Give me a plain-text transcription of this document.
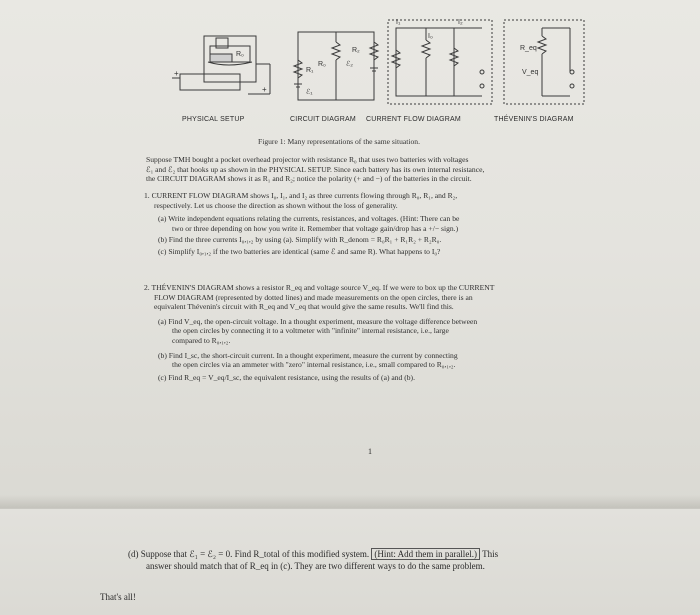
R₀
+
+
R₂
R₁
R₀	ℰ₂
ℰ₁
I₁
I₀
I₂
R_eq
V_eq
PHYSICAL SETUP	CIRCUIT DIAGRAM CURRENT FLOW DIAGRAM	THÉVENIN'S DIAGRAM
Figure 1: Many representations of the same situation.
Suppose TMH bought a pocket overhead projector with resistance R₀ that uses two batteries with voltages
ℰ₁ and ℰ₂ that hooks up as shown in the PHYSICAL SETUP. Since each battery has its own internal resistance,
the CIRCUIT DIAGRAM shows it as R₁ and R₂; notice the polarity (+ and −) of the batteries in the circuit.
1. CURRENT FLOW DIAGRAM shows I₀, I₁, and I₂ as three currents flowing through R₀, R₁, and R₂,
respectively. Let us choose the direction as shown without the loss of generality.
(a) Write independent equations relating the currents, resistances, and voltages. (Hint: There can be
two or three depending on how you write it. Remember that voltage gain/drop has a +/− sign.)
(b) Find the three currents I₀,₁,₂ by using (a). Simplify with R_denom = R₀R₁ + R₁R₂ + R₂R₀.
(c) Simplify I₀,₁,₂ if the two batteries are identical (same ℰ and same R). What happens to I₀?
2. THÉVENIN'S DIAGRAM shows a resistor R_eq and voltage source V_eq. If we were to box up the CURRENT
FLOW DIAGRAM (represented by dotted lines) and made measurements on the open circles, there is an
equivalent Thévenin's circuit with R_eq and V_eq that would give the same results. We'll find this.
(a) Find V_eq, the open-circuit voltage. In a thought experiment, measure the voltage difference between
the open circles by connecting it to a voltmeter with "infinite" internal resistance, i.e., large
compared to R₀,₁,₂.
(b) Find I_sc, the short-circuit current. In a thought experiment, measure the current by connecting
the open circles via an ammeter with "zero" internal resistance, i.e., small compared to R₀,₁,₂.
(c) Find R_eq = V_eq/I_sc, the equivalent resistance, using the results of (a) and (b).
1
(d) Suppose that ℰ₁ = ℰ₂ = 0. Find R_total of this modified system. (Hint: Add them in parallel.) This
answer should match that of R_eq in (c). They are two different ways to do the same problem.
That's all!
